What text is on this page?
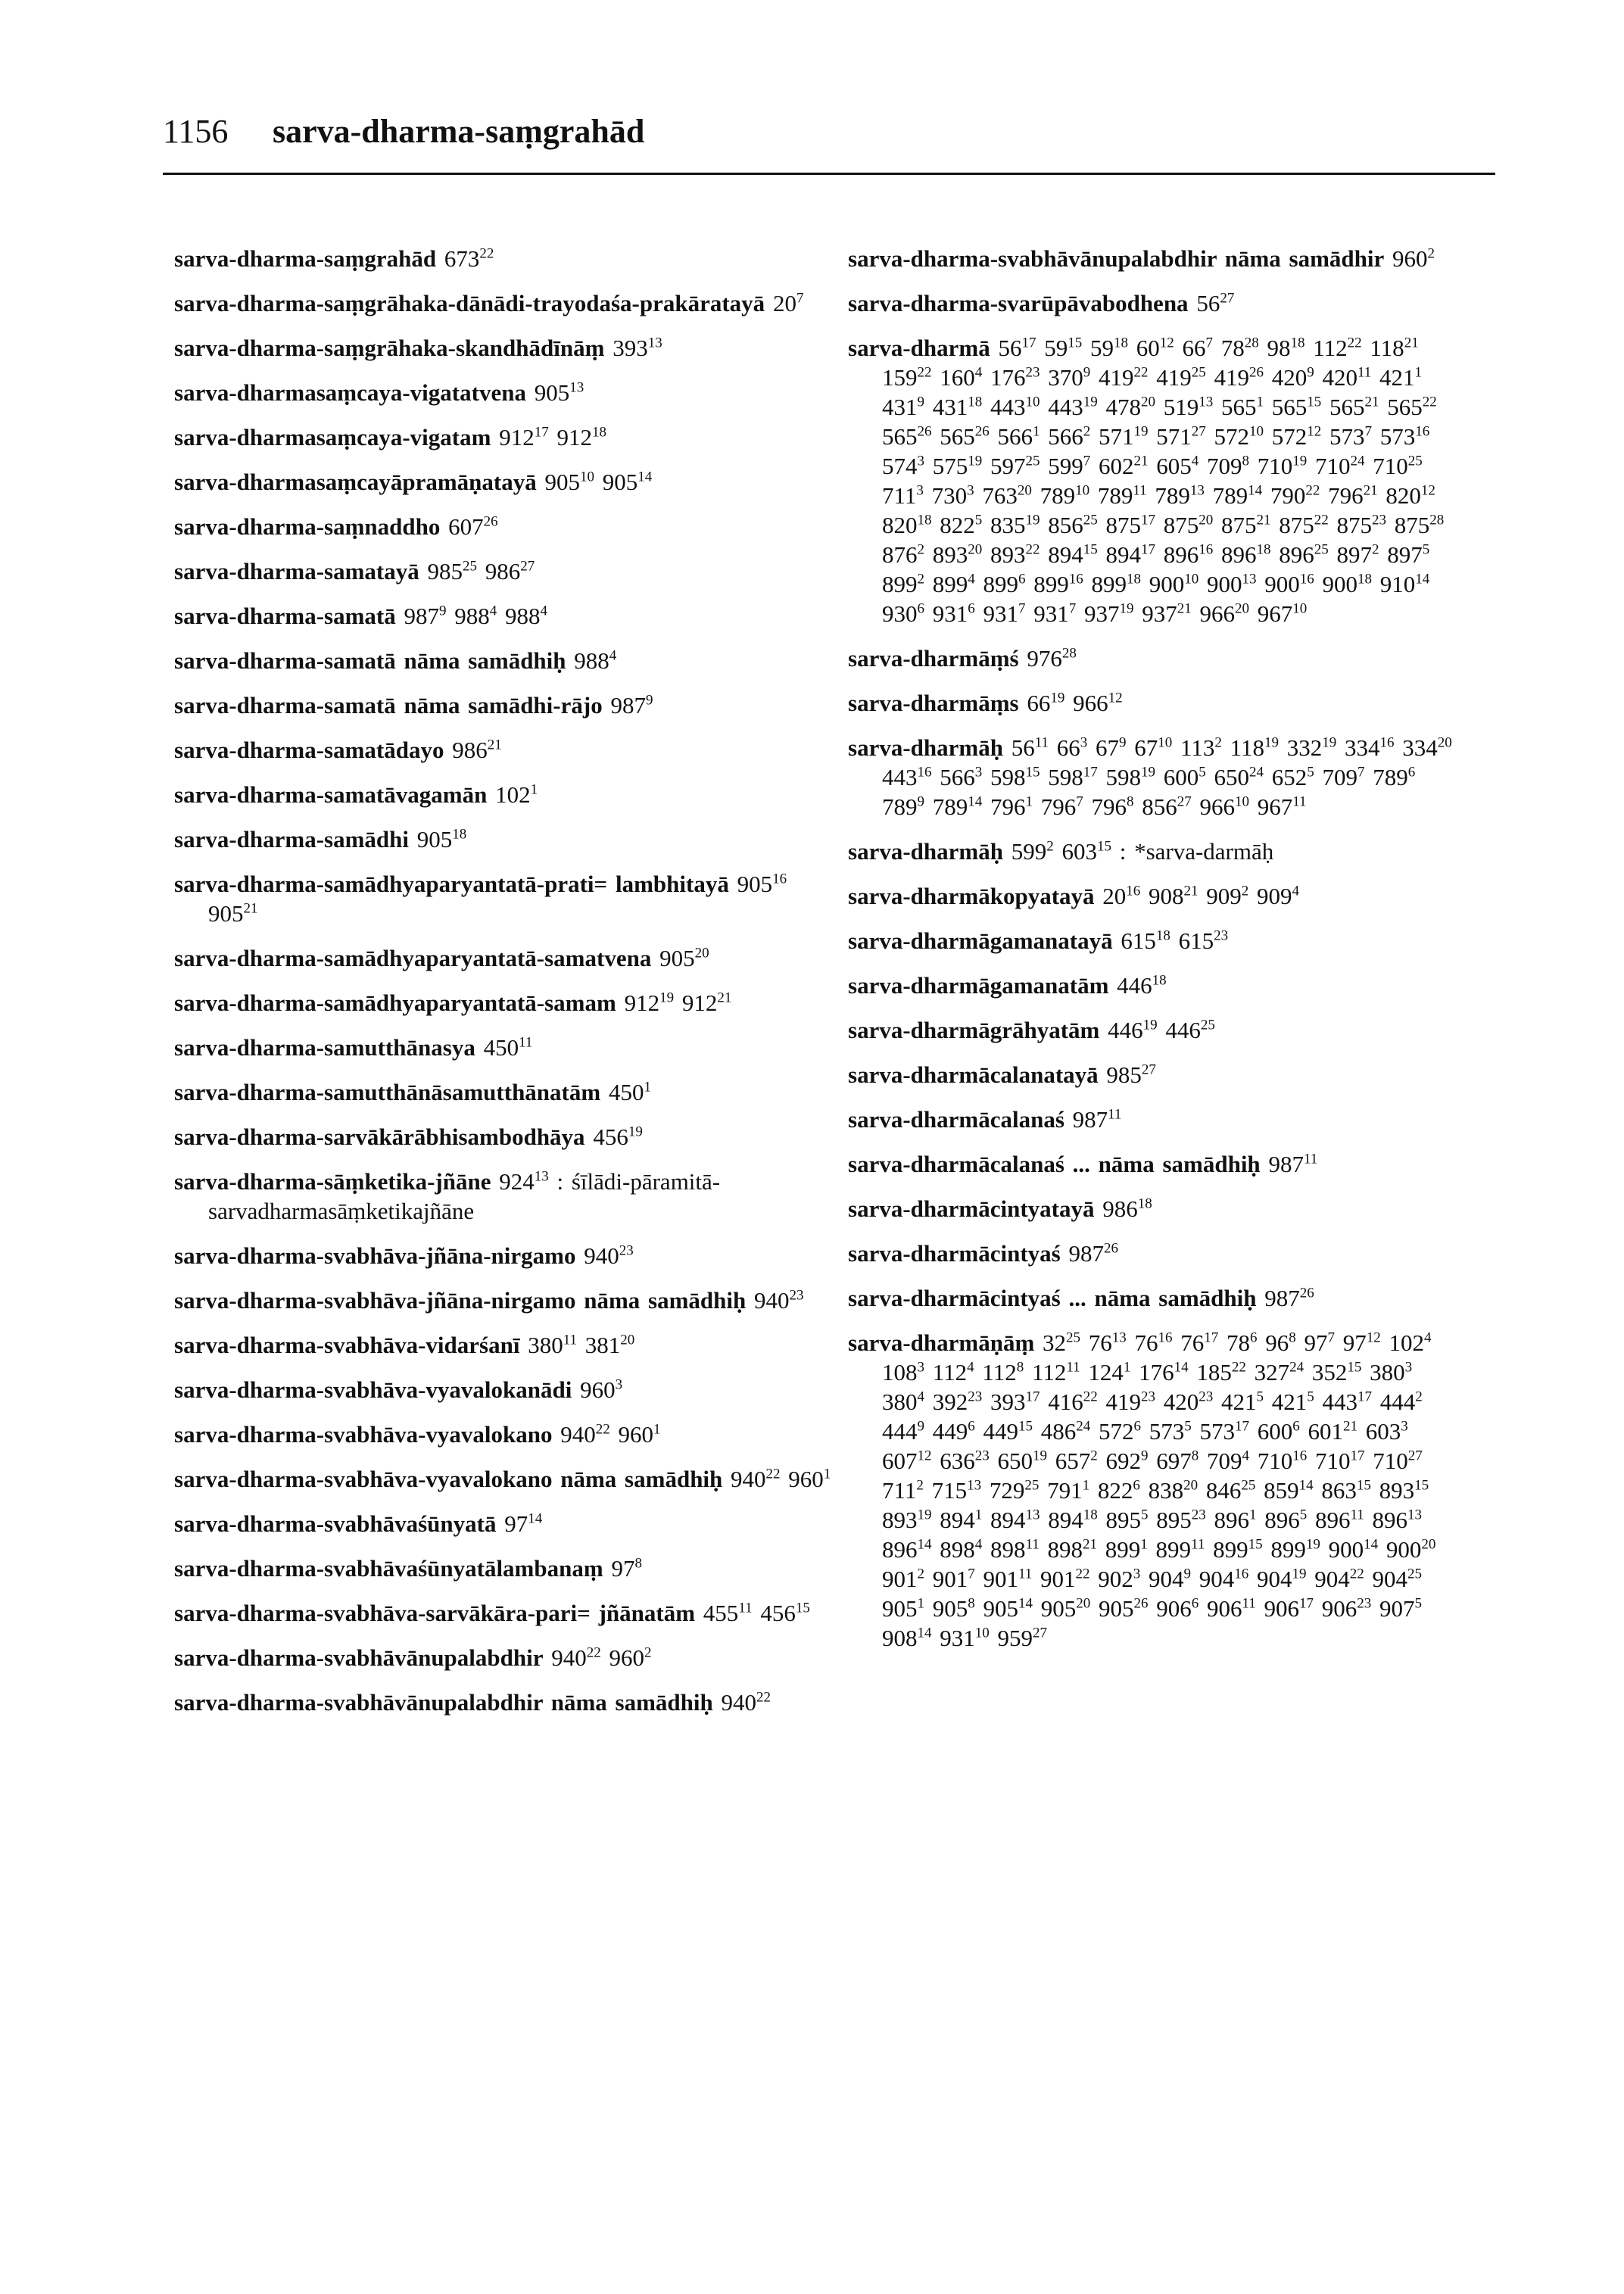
1156 sarva-dharma-saṃgrahād
sarva-dharma-saṃgrahād $673^{22}$
sarva-dharma-saṃgrāhaka-dānādi-trayodaśa-prakāratayā $20^7$
sarva-dharma-saṃgrāhaka-skandhādīnāṃ $393^{13}$
sarva-dharmasaṃcaya-vigatatvena $905^{13}$
sarva-dharmasaṃcaya-vigatam $912^{17}$ $912^{18}$
sarva-dharmasaṃcayāpramāṇatayā $905^{10}$ $905^{14}$
sarva-dharma-saṃnaddho $607^{26}$
sarva-dharma-samatayā $985^{25}$ $986^{27}$
sarva-dharma-samatā $987^9$ $988^4$ $988^4$
sarva-dharma-samatā nāma samādhiḥ $988^4$
sarva-dharma-samatā nāma samādhi-rājo $987^9$
sarva-dharma-samatādayo $986^{21}$
sarva-dharma-samatāvagamān $102^1$
sarva-dharma-samādhi $905^{18}$
sarva-dharma-samādhyaparyantatā-prati= lambhitayā $905^{16}$ $905^{21}$
sarva-dharma-samādhyaparyantatā-samatvena $905^{20}$
sarva-dharma-samādhyaparyantatā-samam $912^{19}$ $912^{21}$
sarva-dharma-samutthānasya $450^{11}$
sarva-dharma-samutthānāsamutthānatām $450^1$
sarva-dharma-sarvākārābhisambodhāya $456^{19}$
sarva-dharma-sāṃketika-jñāne $924^{13}$ : śīlādi-pāramitā-sarvadharmasāṃketikajñāne
sarva-dharma-svabhāva-jñāna-nirgamo $940^{23}$
sarva-dharma-svabhāva-jñāna-nirgamo nāma samādhiḥ $940^{23}$
sarva-dharma-svabhāva-vidarśanī $380^{11}$ $381^{20}$
sarva-dharma-svabhāva-vyavalokanādi $960^3$
sarva-dharma-svabhāva-vyavalokano $940^{22}$ $960^1$
sarva-dharma-svabhāva-vyavalokano nāma samādhiḥ $940^{22}$ $960^1$
sarva-dharma-svabhāvaśūnyatā $97^{14}$
sarva-dharma-svabhāvaśūnyatālambanaṃ $97^8$
sarva-dharma-svabhāva-sarvākāra-pari= jñānatām $455^{11}$ $456^{15}$
sarva-dharma-svabhāvānupalabdhir $940^{22}$ $960^2$
sarva-dharma-svabhāvānupalabdhir nāma samādhiḥ $940^{22}$
sarva-dharma-svabhāvānupalabdhir nāma samādhir $960^2$
sarva-dharma-svarūpāvabodhena $56^{27}$
sarva-dharmā $56^{17}$ $59^{15}$ $59^{18}$ $60^{12}$ $66^7$ $78^{28}$ $98^{18}$ $112^{22}$ $118^{21}$ $159^{22}$ $160^4$ $176^{23}$ $370^9$ $419^{22}$ $419^{25}$ $419^{26}$ $420^9$ $420^{11}$ $421^1$ $431^9$ $431^{18}$ $443^{10}$ $443^{19}$ $478^{20}$ $519^{13}$ $565^1$ $565^{15}$ $565^{21}$ $565^{22}$ $565^{26}$ $565^{26}$ $566^1$ $566^2$ $571^{19}$ $571^{27}$ $572^{10}$ $572^{12}$ $573^7$ $573^{16}$ $574^3$ $575^{19}$ $597^{25}$ $599^7$ $602^{21}$ $605^4$ $709^8$ $710^{19}$ $710^{24}$ $710^{25}$ $711^3$ $730^3$ $763^{20}$ $789^{10}$ $789^{11}$ $789^{13}$ $789^{14}$ $790^{22}$ $796^{21}$ $820^{12}$ $820^{18}$ $822^5$ $835^{19}$ $856^{25}$ $875^{17}$ $875^{20}$ $875^{21}$ $875^{22}$ $875^{23}$ $875^{28}$ $876^2$ $893^{20}$ $893^{22}$ $894^{15}$ $894^{17}$ $896^{16}$ $896^{18}$ $896^{25}$ $897^2$ $897^5$ $899^2$ $899^4$ $899^6$ $899^{16}$ $899^{18}$ $900^{10}$ $900^{13}$ $900^{16}$ $900^{18}$ $910^{14}$ $930^6$ $931^6$ $931^7$ $931^7$ $937^{19}$ $937^{21}$ $966^{20}$ $967^{10}$
sarva-dharmāṃś $976^{28}$
sarva-dharmāṃs $66^{19}$ $966^{12}$
sarva-dharmāḥ $56^{11}$ $66^3$ $67^9$ $67^{10}$ $113^2$ $118^{19}$ $332^{19}$ $334^{16}$ $334^{20}$ $443^{16}$ $566^3$ $598^{15}$ $598^{17}$ $598^{19}$ $600^5$ $650^{24}$ $652^5$ $709^7$ $789^6$ $789^9$ $789^{14}$ $796^1$ $796^7$ $796^8$ $856^{27}$ $966^{10}$ $967^{11}$
sarva-dharmāḥ $599^2$ $603^{15}$ : *sarva-darmāḥ
sarva-dharmākopyatayā $20^{16}$ $908^{21}$ $909^2$ $909^4$
sarva-dharmāgamanatayā $615^{18}$ $615^{23}$
sarva-dharmāgamanatām $446^{18}$
sarva-dharmāgrāhyatām $446^{19}$ $446^{25}$
sarva-dharmācalanatayā $985^{27}$
sarva-dharmācalanaś $987^{11}$
sarva-dharmācalanaś ... nāma samādhiḥ $987^{11}$
sarva-dharmācintyatayā $986^{18}$
sarva-dharmācintyaś $987^{26}$
sarva-dharmācintyaś ... nāma samādhiḥ $987^{26}$
sarva-dharmāṇāṃ $32^{25}$ $76^{13}$ $76^{16}$ $76^{17}$ $78^6$ $96^8$ $97^7$ $97^{12}$ $102^4$ $108^3$ $112^4$ $112^8$ $112^{11}$ $124^1$ $176^{14}$ $185^{22}$ $327^{24}$ $352^{15}$ $380^3$ $380^4$ $392^{23}$ $393^{17}$ $416^{22}$ $419^{23}$ $420^{23}$ $421^5$ $421^5$ $443^{17}$ $444^2$ $444^9$ $449^6$ $449^{15}$ $486^{24}$ $572^6$ $573^5$ $573^{17}$ $600^6$ $601^{21}$ $603^3$ $607^{12}$ $636^{23}$ $650^{19}$ $657^2$ $692^9$ $697^8$ $709^4$ $710^{16}$ $710^{17}$ $710^{27}$ $711^2$ $715^{13}$ $729^{25}$ $791^1$ $822^6$ $838^{20}$ $846^{25}$ $859^{14}$ $863^{15}$ $893^{15}$ $893^{19}$ $894^1$ $894^{13}$ $894^{18}$ $895^5$ $895^{23}$ $896^1$ $896^5$ $896^{11}$ $896^{13}$ $896^{14}$ $898^4$ $898^{11}$ $898^{21}$ $899^1$ $899^{11}$ $899^{15}$ $899^{19}$ $900^{14}$ $900^{20}$ $901^2$ $901^7$ $901^{11}$ $901^{22}$ $902^3$ $904^9$ $904^{16}$ $904^{19}$ $904^{22}$ $904^{25}$ $905^1$ $905^8$ $905^{14}$ $905^{20}$ $905^{26}$ $906^6$ $906^{11}$ $906^{17}$ $906^{23}$ $907^5$ $908^{14}$ $931^{10}$ $959^{27}$
